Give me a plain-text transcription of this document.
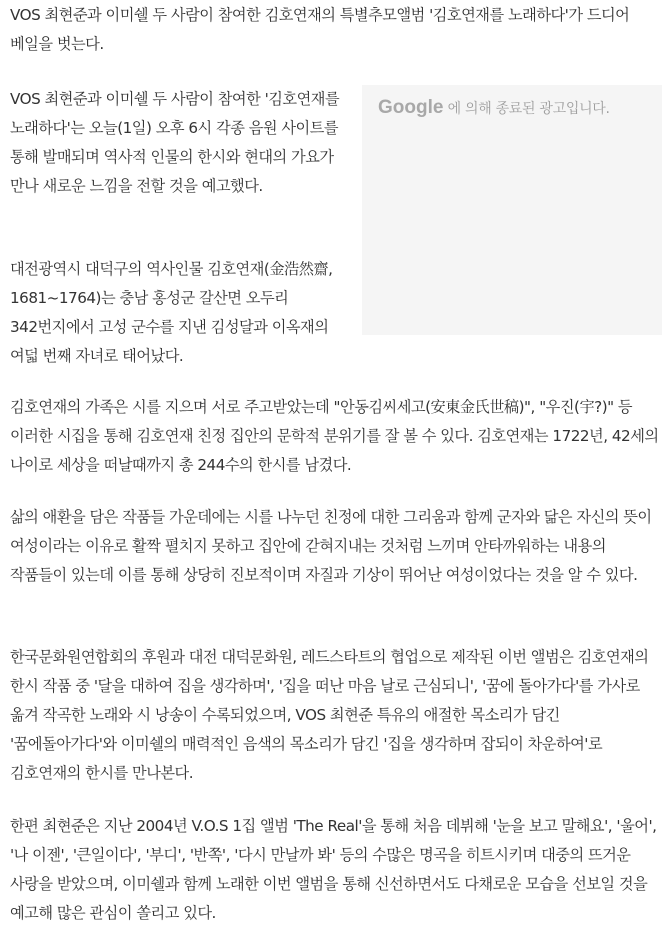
VOS 최현준과 이미쉘 두 사람이 참여한 김호연재의 특별추모앨범 '김호연재를 노래하다'가 드디어 베일을 벗는다.

VOS 최현준과 이미쉘 두 사람이 참여한 '김호연재를 노래하다'는 오늘(1일) 오후 6시 각종 음원 사이트를 통해 발매되며 역사적 인물의 한시와 현대의 가요가 만나 새로운 느낌을 전할 것을 예고했다.

대전광역시 대덕구의 역사인물 김호연재(金浩然齋, 1681~1764)는 충남 홍성군 갈산면 오두리 342번지에서 고성 군수를 지낸 김성달과 이옥재의 여덟 번째 자녀로 태어났다.

김호연재의 가족은 시를 지으며 서로 주고받았는데 "안동김씨세고(安東金氏世稿)", "우진(宇?)" 등 이러한 시집을 통해 김호연재 친정 집안의 문학적 분위기를 잘 볼 수 있다. 김호연재는 1722년, 42세의 나이로 세상을 떠날때까지 총 244수의 한시를 남겼다.

삶의 애환을 담은 작품들 가운데에는 시를 나누던 친정에 대한 그리움과 함께 군자와 닮은 자신의 뜻이 여성이라는 이유로 활짝 펼치지 못하고 집안에 갇혀지내는 것처럼 느끼며 안타까워하는 내용의 작품들이 있는데 이를 통해 상당히 진보적이며 자질과 기상이 뛰어난 여성이었다는 것을 알 수 있다.

한국문화원연합회의 후원과 대전 대덕문화원, 레드스타트의 협업으로 제작된 이번 앨범은 김호연재의 한시 작품 중 '달을 대하여 집을 생각하며', '집을 떠난 마음 날로 근심되니', '꿈에 돌아가다'를 가사로 옮겨 작곡한 노래와 시 낭송이 수록되었으며, VOS 최현준 특유의 애절한 목소리가 담긴 '꿈에돌아가다'와 이미쉘의 매력적인 음색의 목소리가 담긴 '집을 생각하며 잡되이 차운하여'로 김호연재의 한시를 만나본다.

한편 최현준은 지난 2004년 V.O.S 1집 앨범 'The Real'을 통해 처음 데뷔해 '눈을 보고 말해요', '울어', '나 이젠', '큰일이다', '부디', '반쪽', '다시 만날까 봐' 등의 수많은 명곡을 히트시키며 대중의 뜨거운 사랑을 받았으며, 이미쉘과 함께 노래한 이번 앨범을 통해 신선하면서도 다채로운 모습을 선보일 것을 예고해 많은 관심이 쏠리고 있다.

Google 에 의해 종료된 광고입니다.
